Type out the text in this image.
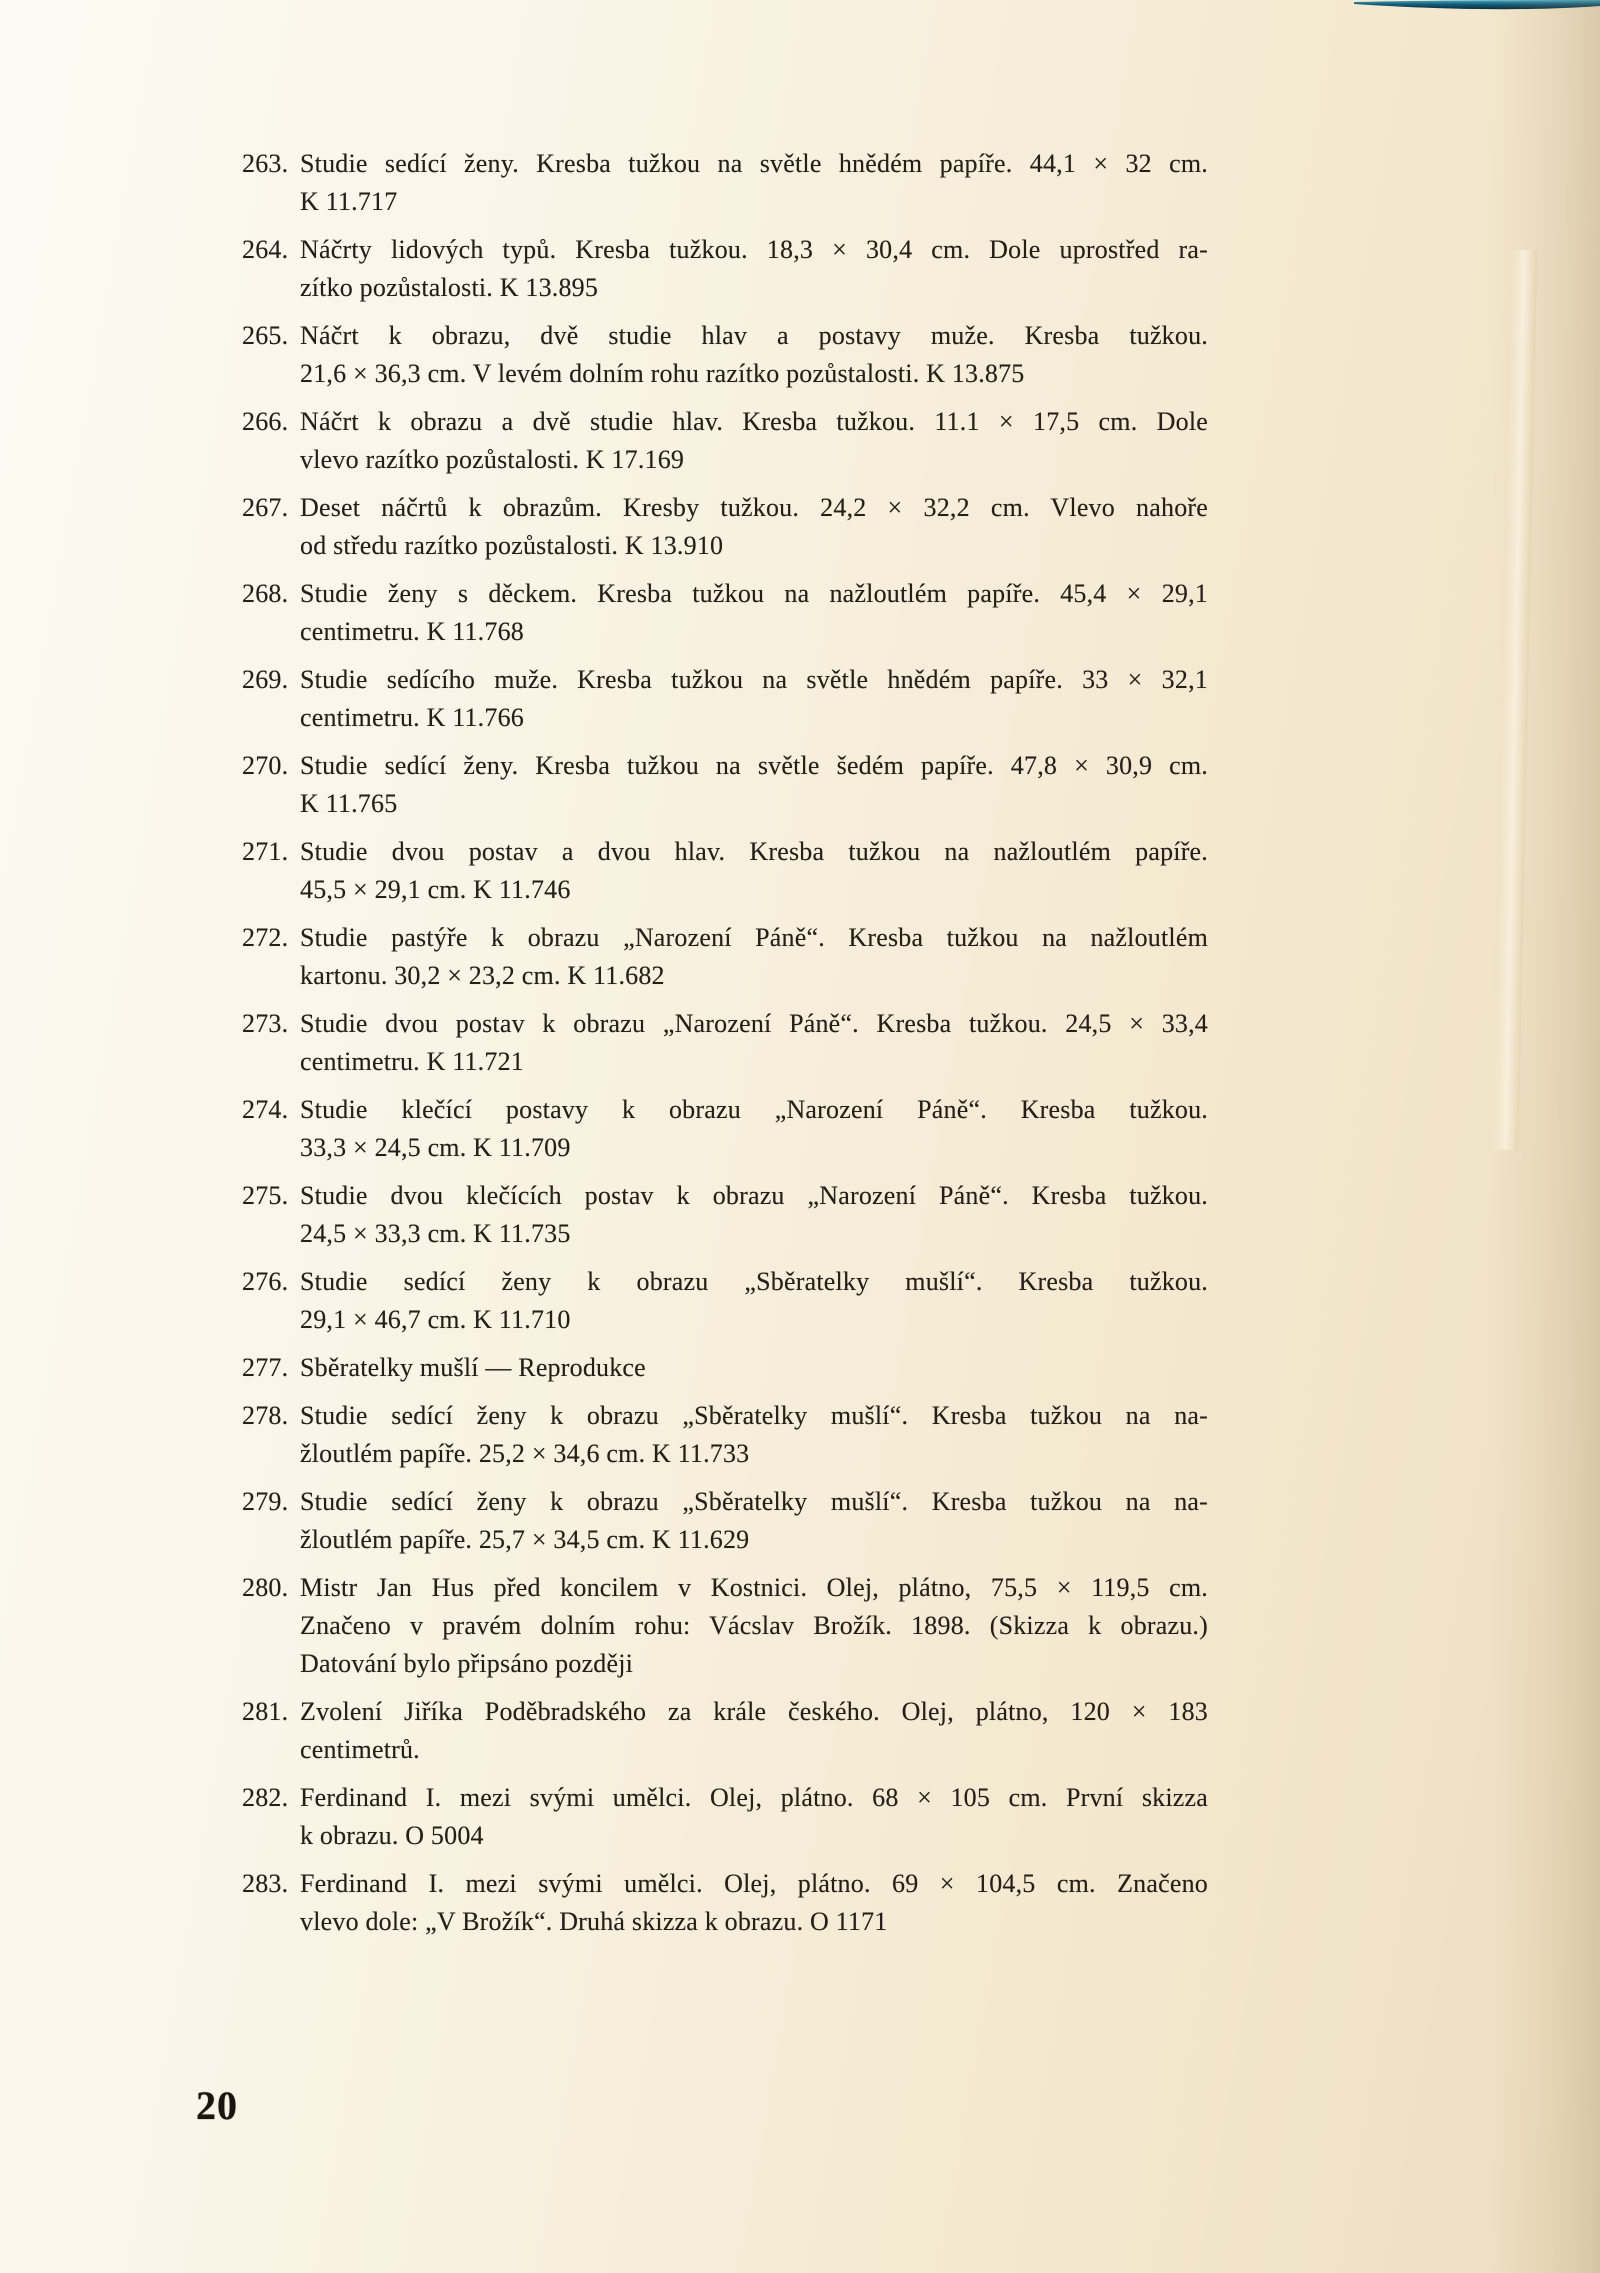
263. Studie sedící ženy. Kresba tužkou na světle hnědém papíře. 44,1 × 32 cm.
K 11.717
264. Náčrty lidových typů. Kresba tužkou. 18,3 × 30,4 cm. Dole uprostřed ra-
zítko pozůstalosti. K 13.895
265. Náčrt k obrazu, dvě studie hlav a postavy muže. Kresba tužkou.
21,6 × 36,3 cm. V levém dolním rohu razítko pozůstalosti. K 13.875
266. Náčrt k obrazu a dvě studie hlav. Kresba tužkou. 11.1 × 17,5 cm. Dole
vlevo razítko pozůstalosti. K 17.169
267. Deset náčrtů k obrazům. Kresby tužkou. 24,2 × 32,2 cm. Vlevo nahoře
od středu razítko pozůstalosti. K 13.910
268. Studie ženy s děckem. Kresba tužkou na nažloutlém papíře. 45,4 × 29,1
centimetru. K 11.768
269. Studie sedícího muže. Kresba tužkou na světle hnědém papíře. 33 × 32,1
centimetru. K 11.766
270. Studie sedící ženy. Kresba tužkou na světle šedém papíře. 47,8 × 30,9 cm.
K 11.765
271. Studie dvou postav a dvou hlav. Kresba tužkou na nažloutlém papíře.
45,5 × 29,1 cm. K 11.746
272. Studie pastýře k obrazu „Narození Páně“. Kresba tužkou na nažloutlém
kartonu. 30,2 × 23,2 cm. K 11.682
273. Studie dvou postav k obrazu „Narození Páně“. Kresba tužkou. 24,5 × 33,4
centimetru. K 11.721
274. Studie klečící postavy k obrazu „Narození Páně“. Kresba tužkou.
33,3 × 24,5 cm. K 11.709
275. Studie dvou klečících postav k obrazu „Narození Páně“. Kresba tužkou.
24,5 × 33,3 cm. K 11.735
276. Studie sedící ženy k obrazu „Sběratelky mušlí“. Kresba tužkou.
29,1 × 46,7 cm. K 11.710
277. Sběratelky mušlí — Reprodukce
278. Studie sedící ženy k obrazu „Sběratelky mušlí“. Kresba tužkou na na-
žloutlém papíře. 25,2 × 34,6 cm. K 11.733
279. Studie sedící ženy k obrazu „Sběratelky mušlí“. Kresba tužkou na na-
žloutlém papíře. 25,7 × 34,5 cm. K 11.629
280. Mistr Jan Hus před koncilem v Kostnici. Olej, plátno, 75,5 × 119,5 cm.
Značeno v pravém dolním rohu: Vácslav Brožík. 1898. (Skizza k obrazu.)
Datování bylo připsáno později
281. Zvolení Jiříka Poděbradského za krále českého. Olej, plátno, 120 × 183
centimetrů.
282. Ferdinand I. mezi svými umělci. Olej, plátno. 68 × 105 cm. První skizza
k obrazu. O 5004
283. Ferdinand I. mezi svými umělci. Olej, plátno. 69 × 104,5 cm. Značeno
vlevo dole: „V Brožík“. Druhá skizza k obrazu. O 1171
20
